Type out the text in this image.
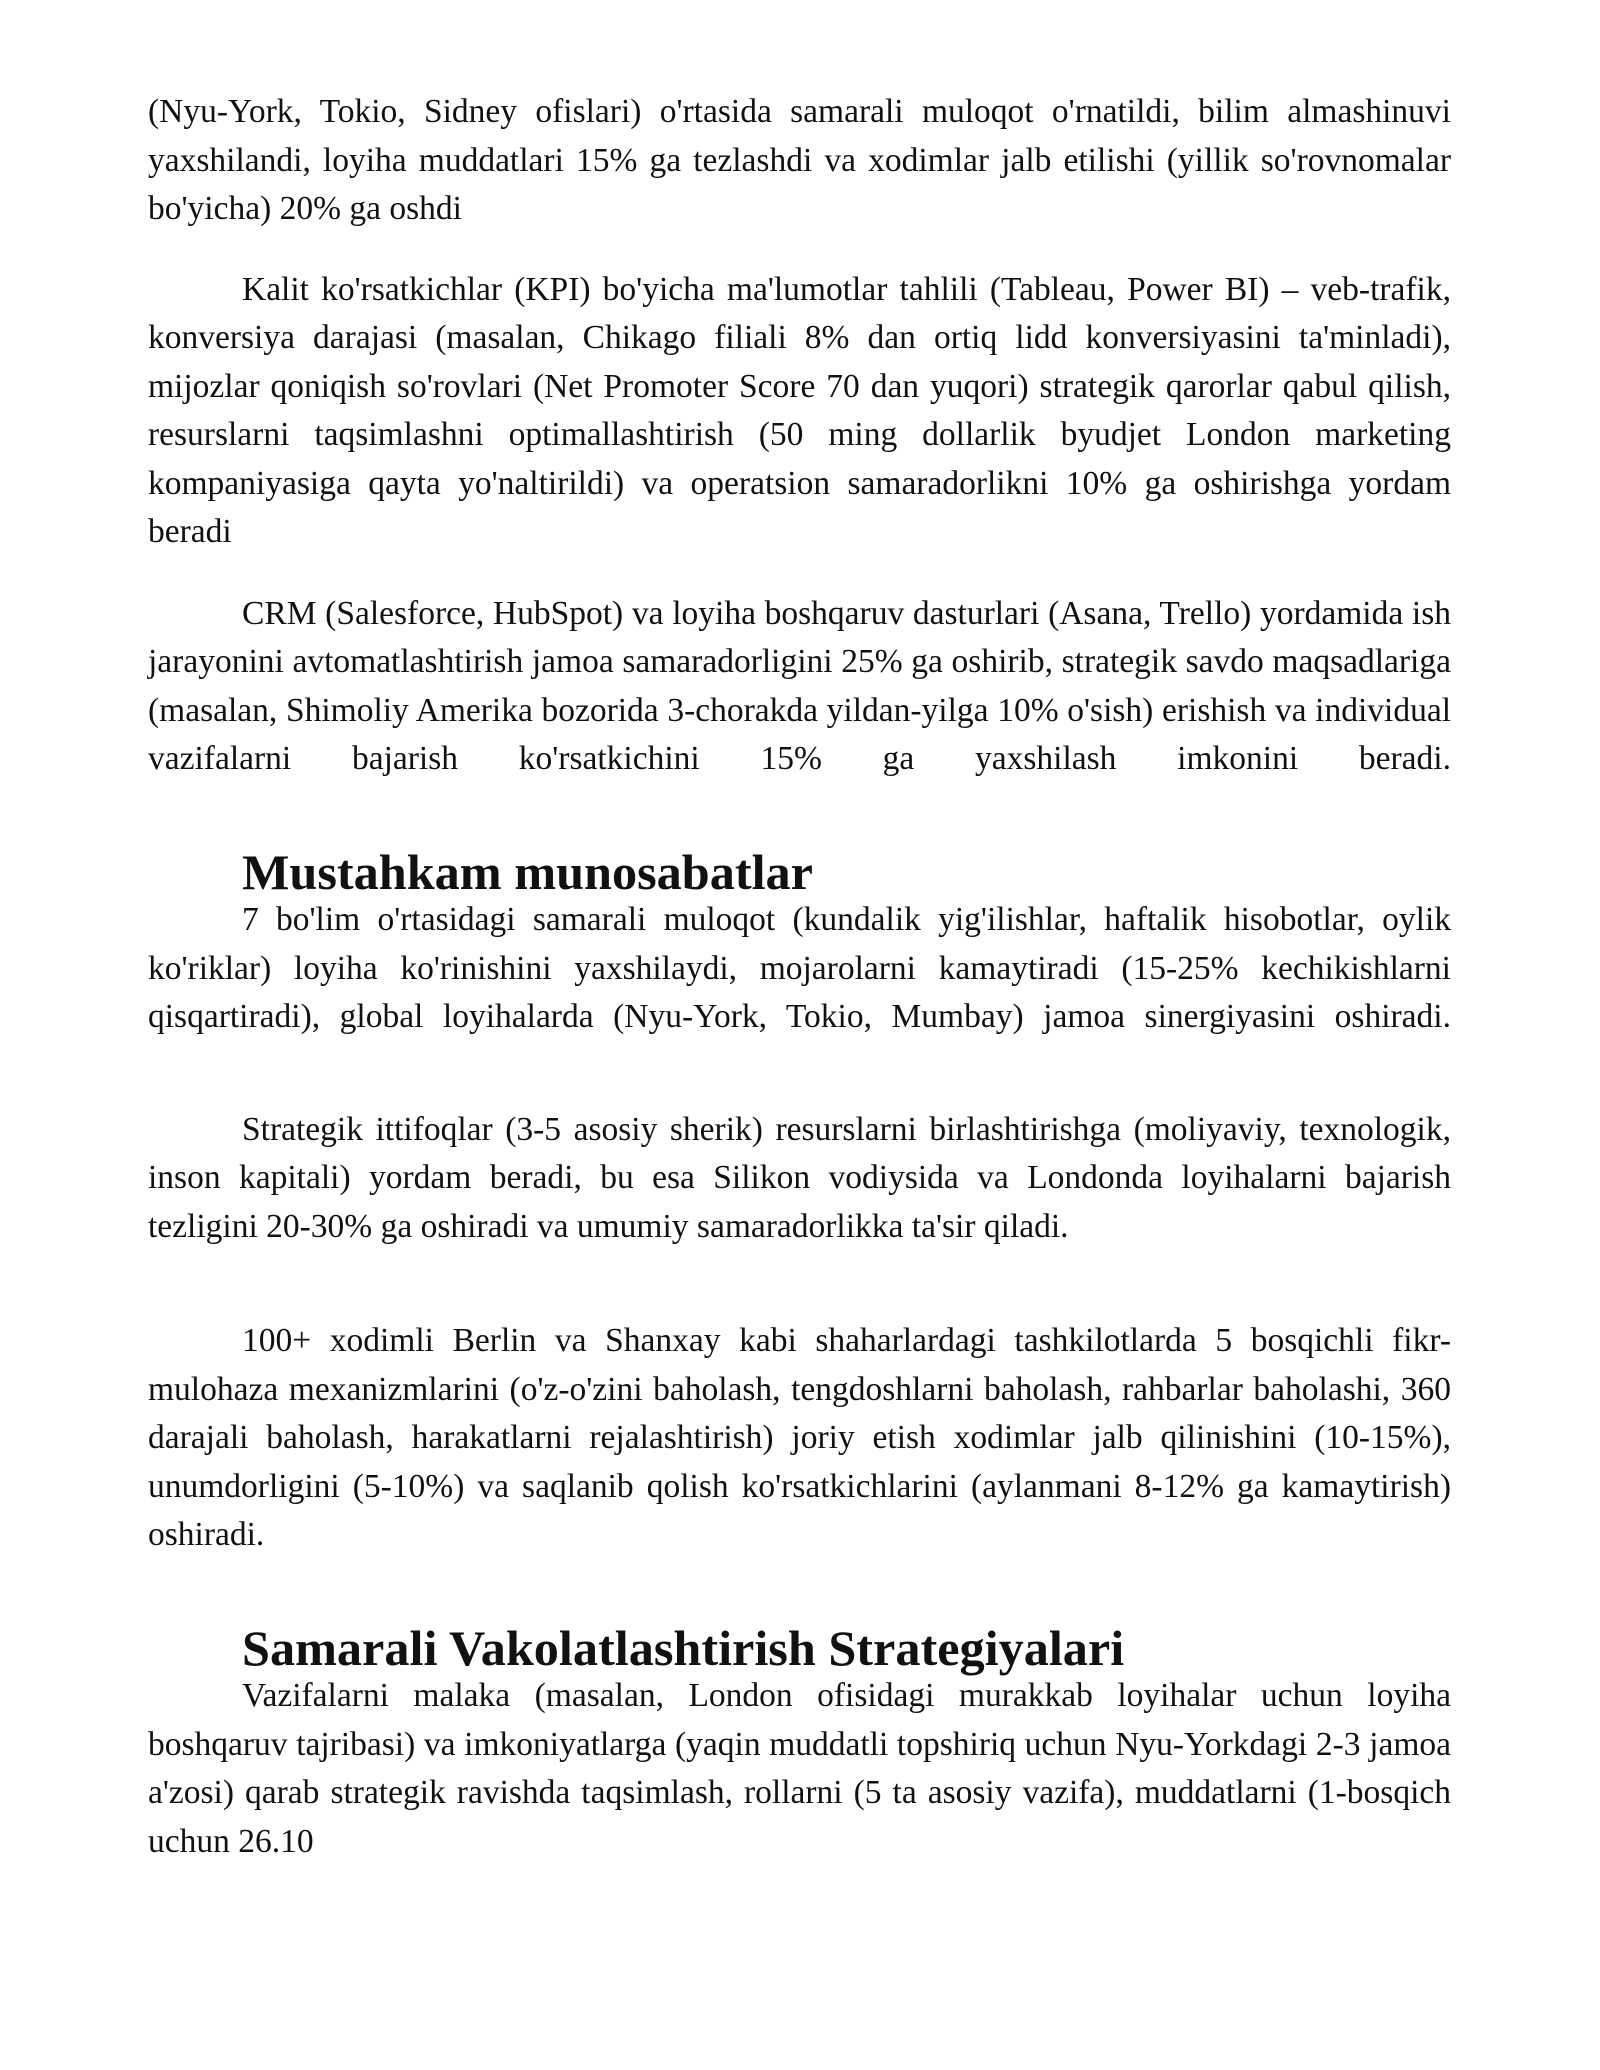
(Nyu-York, Tokio, Sidney ofislari) o'rtasida samarali muloqot o'rnatildi, bilim almashinuvi yaxshilandi, loyiha muddatlari 15% ga tezlashdi va xodimlar jalb etilishi (yillik so'rovnomalar bo'yicha) 20% ga oshdi

Kalit ko'rsatkichlar (KPI) bo'yicha ma'lumotlar tahlili (Tableau, Power BI) – veb-trafik, konversiya darajasi (masalan, Chikago filiali 8% dan ortiq lidd konversiyasini ta'minladi), mijozlar qoniqish so'rovlari (Net Promoter Score 70 dan yuqori) strategik qarorlar qabul qilish, resurslarni taqsimlashni optimallashtirish (50 ming dollarlik byudjet London marketing kompaniyasiga qayta yo'naltirildi) va operatsion samaradorlikni 10% ga oshirishga yordam beradi

CRM (Salesforce, HubSpot) va loyiha boshqaruv dasturlari (Asana, Trello) yordamida ish jarayonini avtomatlashtirish jamoa samaradorligini 25% ga oshirib, strategik savdo maqsadlariga (masalan, Shimoliy Amerika bozorida 3-chorakda yildan-yilga 10% o'sish) erishish va individual vazifalarni bajarish ko'rsatkichini 15% ga yaxshilash imkonini beradi.

Mustahkam munosabatlar

7 bo'lim o'rtasidagi samarali muloqot (kundalik yig'ilishlar, haftalik hisobotlar, oylik ko'riklar) loyiha ko'rinishini yaxshilaydi, mojarolarni kamaytiradi (15-25% kechikishlarni qisqartiradi), global loyihalarda (Nyu-York, Tokio, Mumbay) jamoa sinergiyasini oshiradi.

Strategik ittifoqlar (3-5 asosiy sherik) resurslarni birlashtirishga (moliyaviy, texnologik, inson kapitali) yordam beradi, bu esa Silikon vodiysida va Londonda loyihalarni bajarish tezligini 20-30% ga oshiradi va umumiy samaradorlikka ta'sir qiladi.

100+ xodimli Berlin va Shanxay kabi shaharlardagi tashkilotlarda 5 bosqichli fikr-mulohaza mexanizmlarini (o'z-o'zini baholash, tengdoshlarni baholash, rahbarlar baholashi, 360 darajali baholash, harakatlarni rejalashtirish) joriy etish xodimlar jalb qilinishini (10-15%), unumdorligini (5-10%) va saqlanib qolish ko'rsatkichlarini (aylanmani 8-12% ga kamaytirish) oshiradi.

Samarali Vakolatlashtirish Strategiyalari

Vazifalarni malaka (masalan, London ofisidagi murakkab loyihalar uchun loyiha boshqaruv tajribasi) va imkoniyatlarga (yaqin muddatli topshiriq uchun Nyu-Yorkdagi 2-3 jamoa a'zosi) qarab strategik ravishda taqsimlash, rollarni (5 ta asosiy vazifa), muddatlarni (1-bosqich uchun 26.10
